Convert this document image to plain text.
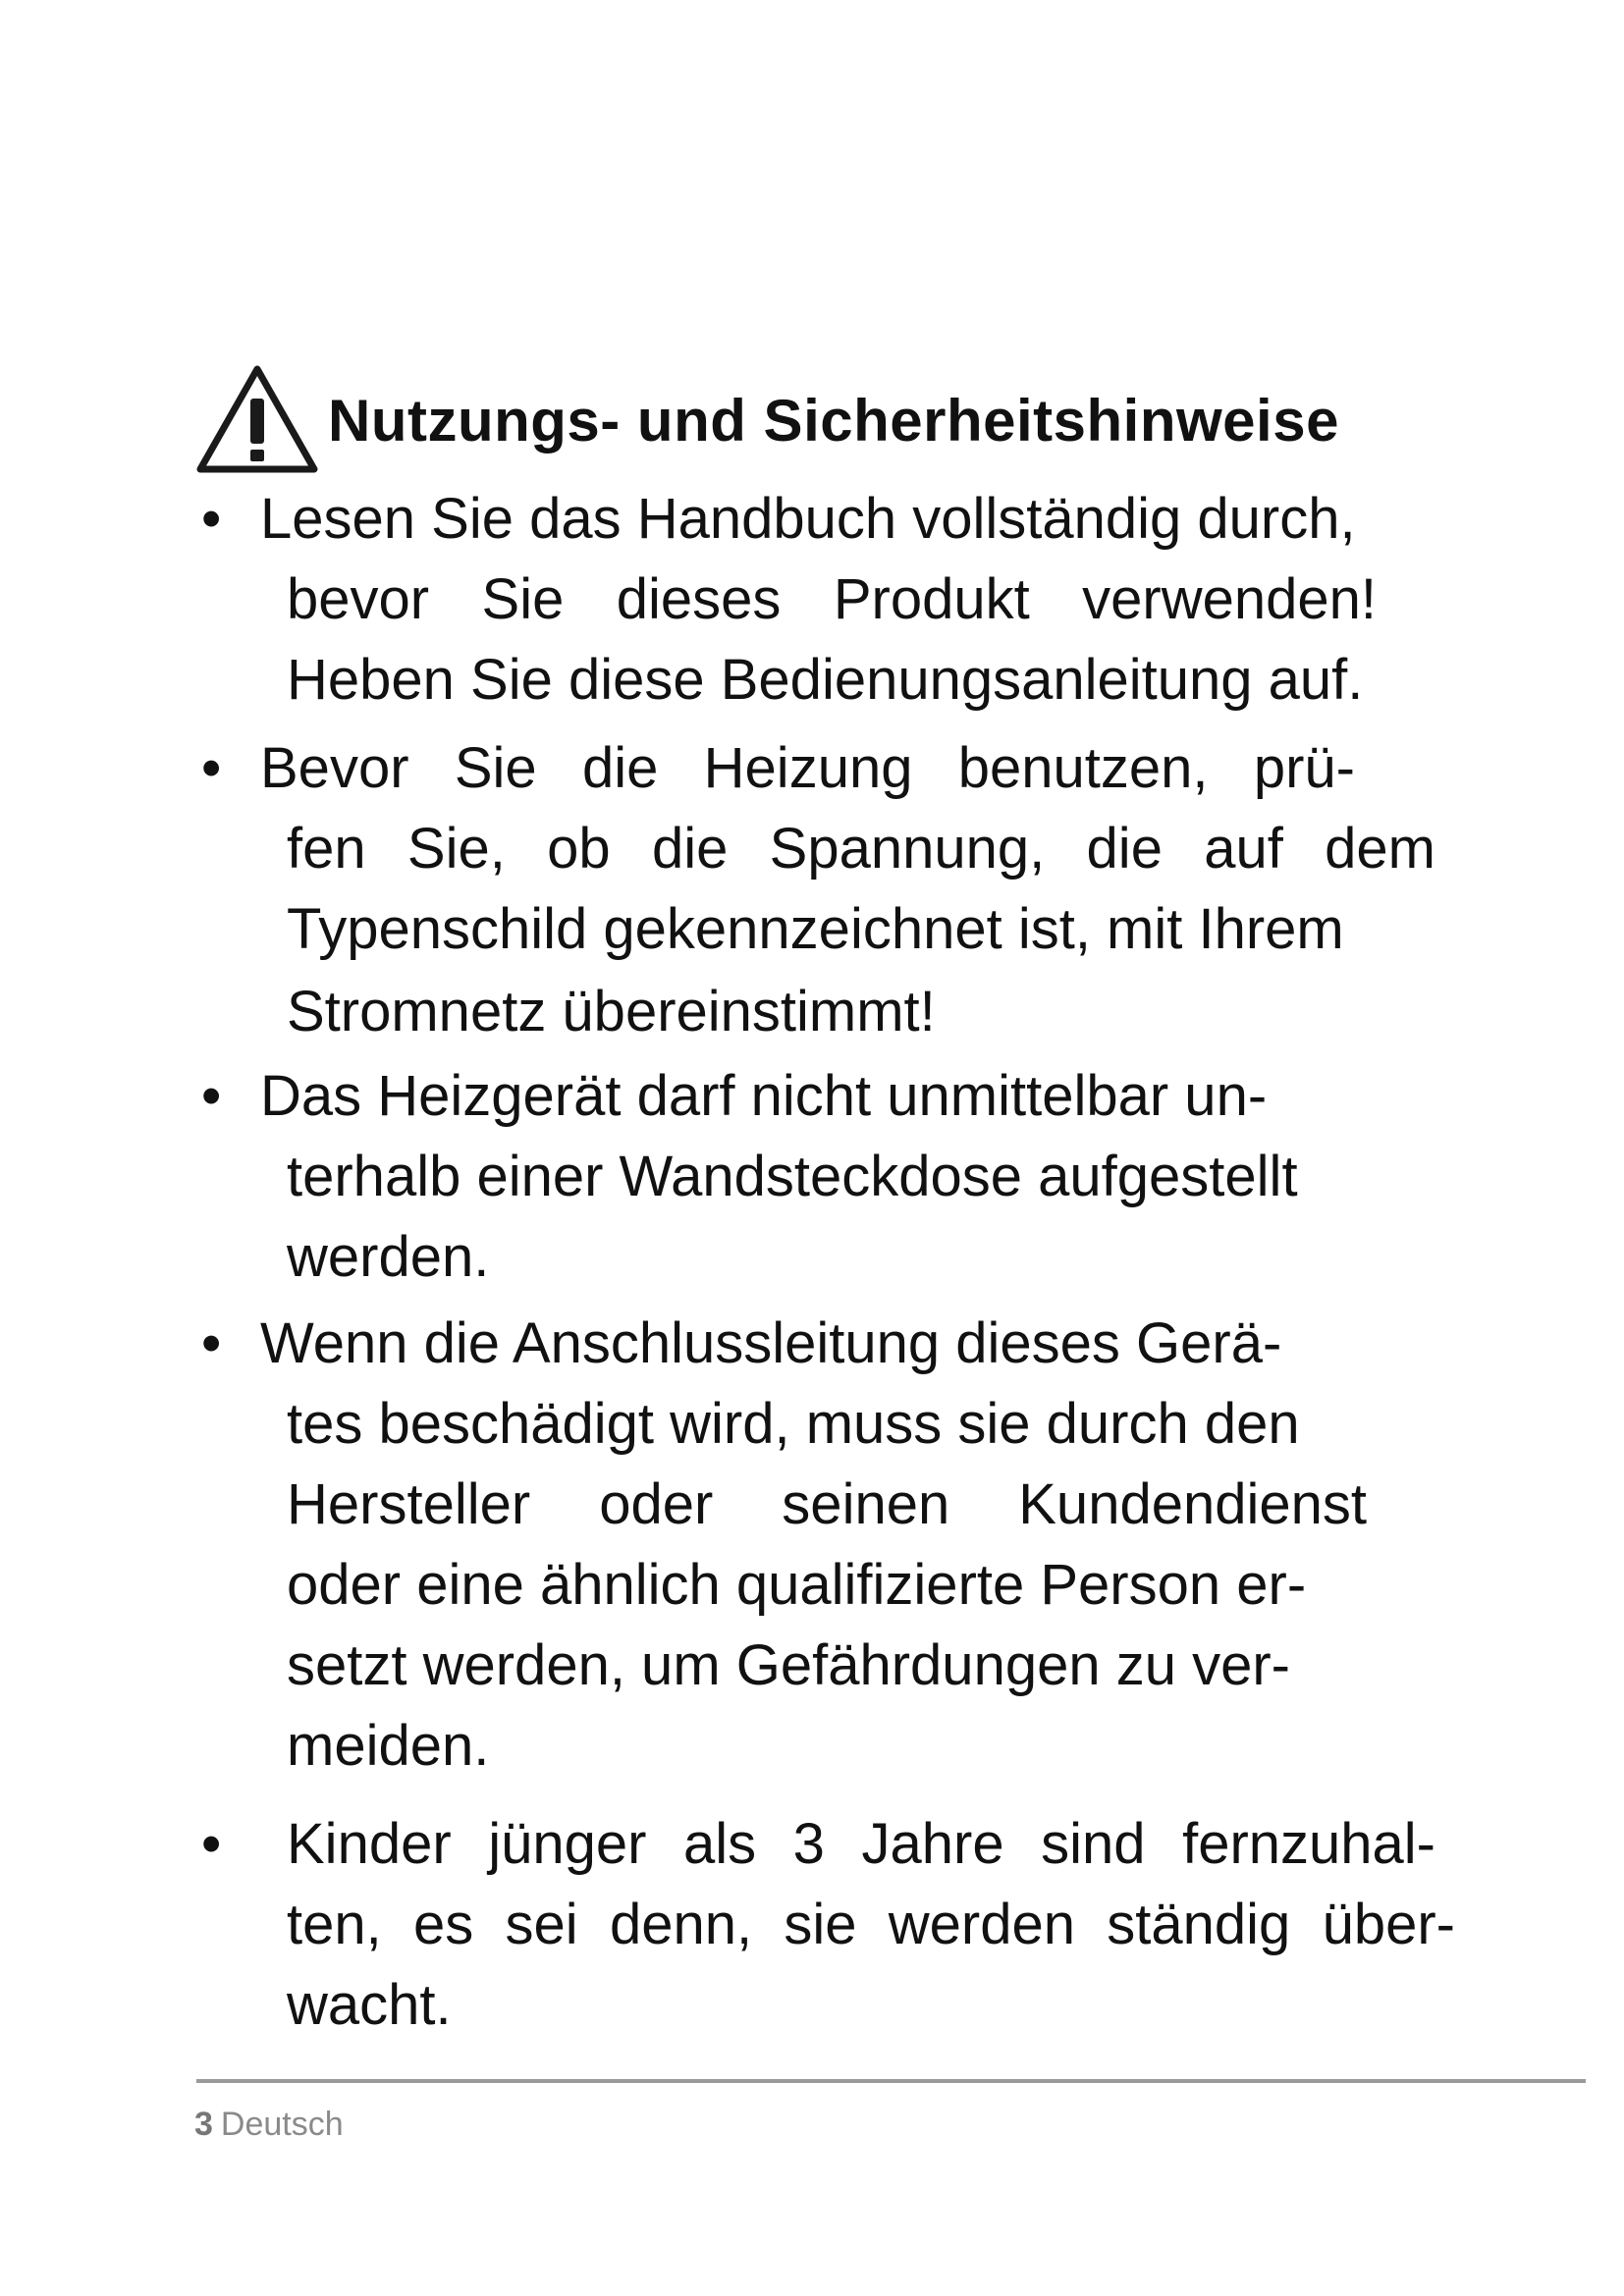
Nutzungs- und Sicherheitshinweise
• Lesen Sie das Handbuch vollständig durch,
bevor Sie dieses Produkt verwenden!
Heben Sie diese Bedienungsanleitung auf.
• Bevor Sie die Heizung benutzen, prü-
fen Sie, ob die Spannung, die auf dem
Typenschild gekennzeichnet ist, mit Ihrem
Stromnetz übereinstimmt!
• Das Heizgerät darf nicht unmittelbar un-
terhalb einer Wandsteckdose aufgestellt
werden.
• Wenn die Anschlussleitung dieses Gerä-
tes beschädigt wird, muss sie durch den
Hersteller oder seinen Kundendienst
oder eine ähnlich qualifizierte Person er-
setzt werden, um Gefährdungen zu ver-
meiden.
• Kinder jünger als 3 Jahre sind fernzuhal-
ten, es sei denn, sie werden ständig über-
wacht.
3 Deutsch
